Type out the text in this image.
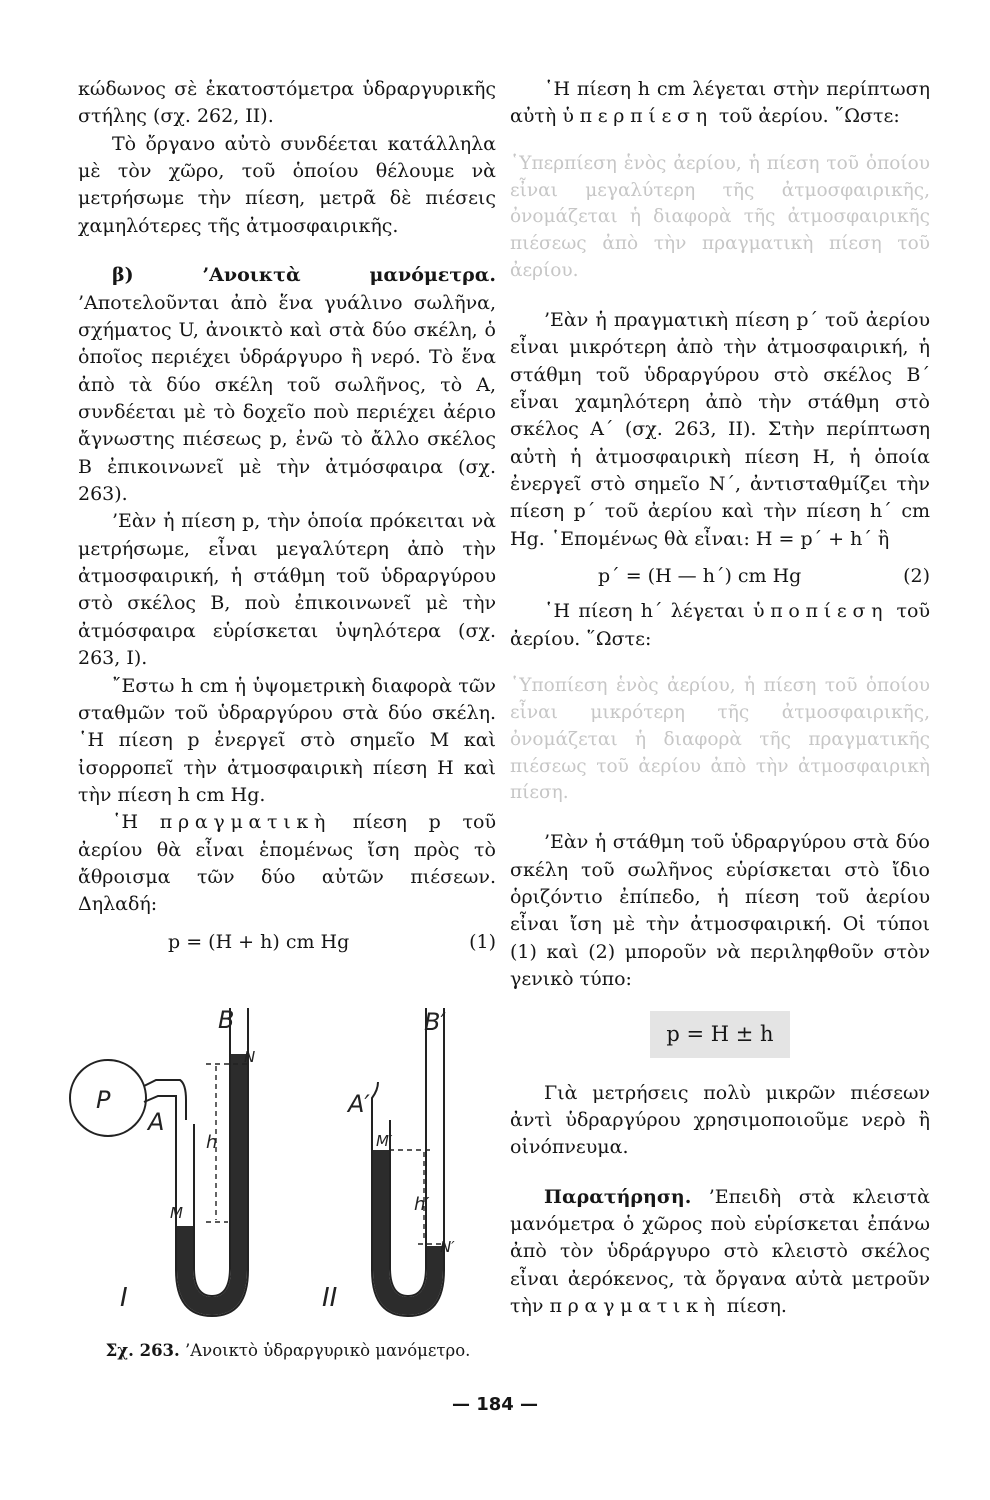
κώδωνος σὲ ἑκατοστόμετρα ὑδραργυρικῆς στήλης (σχ. 262, II).

Τὸ ὄργανο αὐτὸ συνδέεται κατάλληλα μὲ τὸν χῶρο, τοῦ ὁποίου θέλουμε νὰ μετρήσωμε τὴν πίεση, μετρᾶ δὲ πιέσεις χαμηλότερες τῆς ἀτμοσφαιρικῆς.

β) ’Ανοικτὰ μανόμετρα. ’Αποτελοῦνται ἀπὸ ἕνα γυάλινο σωλῆνα, σχήματος U, ἀνοικτὸ καὶ στὰ δύο σκέλη, ὁ ὁποῖος περιέχει ὑδράργυρο ἢ νερό. Τὸ ἕνα ἀπὸ τὰ δύο σκέλη τοῦ σωλῆνος, τὸ Α, συνδέεται μὲ τὸ δοχεῖο ποὺ περιέχει ἀέριο ἄγνωστης πιέσεως p, ἐνῶ τὸ ἄλλο σκέλος Β ἐπικοινωνεῖ μὲ τὴν ἀτμόσφαιρα (σχ. 263).

’Εὰν ἡ πίεση p, τὴν ὁποία πρόκειται νὰ μετρήσωμε, εἶναι μεγαλύτερη ἀπὸ τὴν ἀτμοσφαιρική, ἡ στάθμη τοῦ ὑδραργύρου στὸ σκέλος Β, ποὺ ἐπικοινωνεῖ μὲ τὴν ἀτμόσφαιρα εὑρίσκεται ὑψηλότερα (σχ. 263, I).

῎Εστω h cm ἡ ὑψομετρικὴ διαφορὰ τῶν σταθμῶν τοῦ ὑδραργύρου στὰ δύο σκέλη. ῾Η πίεση p ἐνεργεῖ στὸ σημεῖο Μ καὶ ἰσορροπεῖ τὴν ἀτμοσφαιρικὴ πίεση Η καὶ τὴν πίεση h cm Hg.

῾Η πραγματικὴ πίεση p τοῦ ἀερίου θὰ εἶναι ἑπομένως ἴση πρὸς τὸ ἄθροισμα τῶν δύο αὐτῶν πιέσεων. Δηλαδή:

p = (H + h) cm Hg	(1)

῾Η πίεση h cm λέγεται στὴν περίπτωση αὐτὴ ὑπερπίεση τοῦ ἀερίου. ῞Ωστε:

῾Υπερπίεση ἑνὸς ἀερίου, ἡ πίεση τοῦ ὁποίου εἶναι μεγαλύτερη τῆς ἀτμοσφαιρικῆς, ὀνομάζεται ἡ διαφορὰ τῆς ἀτμοσφαιρικῆς πιέσεως ἀπὸ τὴν πραγματικὴ πίεση τοῦ ἀερίου.

’Εὰν ἡ πραγματικὴ πίεση p΄ τοῦ ἀερίου εἶναι μικρότερη ἀπὸ τὴν ἀτμοσφαιρική, ἡ στάθμη τοῦ ὑδραργύρου στὸ σκέλος Β΄ εἶναι χαμηλότερη ἀπὸ τὴν στάθμη στὸ σκέλος Α΄ (σχ. 263, II). Στὴν περίπτωση αὐτὴ ἡ ἀτμοσφαιρικὴ πίεση Η, ἡ ὁποία ἐνεργεῖ στὸ σημεῖο Ν΄, ἀντισταθμίζει τὴν πίεση p΄ τοῦ ἀερίου καὶ τὴν πίεση h΄ cm Hg. ῾Επομένως θὰ εἶναι: H = p΄ + h΄ ἢ

p΄ = (H — h΄) cm Hg	(2)

῾Η πίεση h΄ λέγεται ὑποπίεση τοῦ ἀερίου. ῞Ωστε:

῾Υποπίεση ἑνὸς ἀερίου, ἡ πίεση τοῦ ὁποίου εἶναι μικρότερη τῆς ἀτμοσφαιρικῆς, ὀνομάζεται ἡ διαφορὰ τῆς πραγματικῆς πιέσεως τοῦ ἀερίου ἀπὸ τὴν ἀτμοσφαιρικὴ πίεση.

’Εὰν ἡ στάθμη τοῦ ὑδραργύρου στὰ δύο σκέλη τοῦ σωλῆνος εὑρίσκεται στὸ ἴδιο ὁριζόντιο ἐπίπεδο, ἡ πίεση τοῦ ἀερίου εἶναι ἴση μὲ τὴν ἀτμοσφαιρική. Οἱ τύποι (1) καὶ (2) μποροῦν νὰ περιληφθοῦν στὸν γενικὸ τύπο:

p = H ± h

Γιὰ μετρήσεις πολὺ μικρῶν πιέσεων ἀντὶ ὑδραργύρου χρησιμοποιοῦμε νερὸ ἢ οἰνόπνευμα.

Παρατήρηση. ’Επειδὴ στὰ κλειστὰ μανόμετρα ὁ χῶρος ποὺ εὑρίσκεται ἐπάνω ἀπὸ τὸν ὑδράργυρο στὸ κλειστὸ σκέλος εἶναι ἀερόκενος, τὰ ὄργανα αὐτὰ μετροῦν τὴν πραγματικὴ πίεση.

B
N
P
A
h
M
I
B′
A′
M′
h′
N′
II
Σχ. 263. ’Ανοικτὸ ὑδραργυρικὸ μανόμετρο.
— 184 —
